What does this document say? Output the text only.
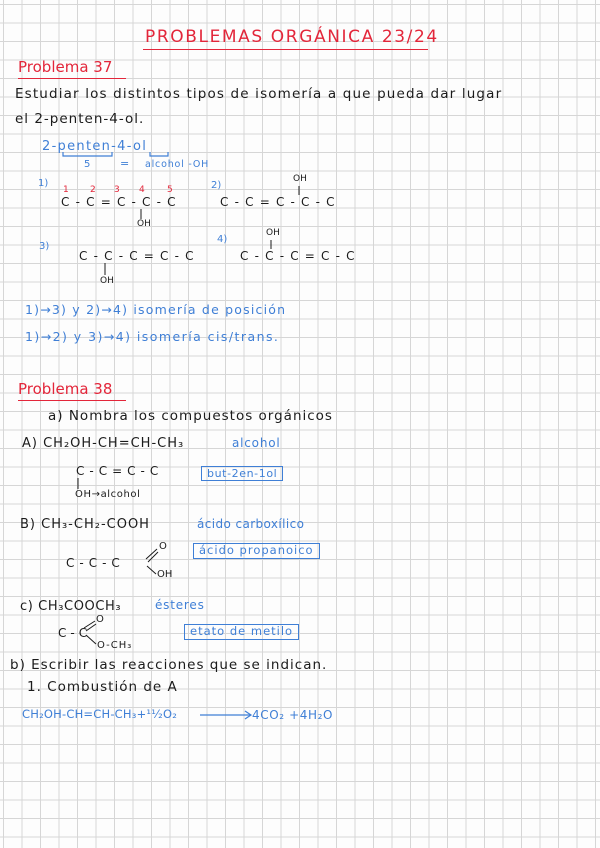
PROBLEMAS ORGÁNICA 23/24
Problema 37
Estudiar los distintos tipos de isomería a que pueda dar lugar
el 2-penten-4-ol.
2-penten-4-ol
5	= alcohol -OH
1)
1 2 3 4 5
C-C=C-C-C
OH
2)
OH
C-C=C-C-C
3)
C-C-C=C-C
OH
4)
OH
C-C-C=C-C
1)→3) y 2)→4) isomería de posición
1)→2) y 3)→4) isomería cis/trans.
Problema 38
a) Nombra los compuestos orgánicos
A) CH₂OH-CH=CH-CH₃	alcohol
C-C=C-C
OH→alcohol
but-2en-1ol
B) CH₃-CH₂-COOH	ácido carboxílico
C-C-C
O
OH
ácido propanoico
c) CH₃COOCH₃	ésteres
C-C
O
O-CH₃
etato de metilo
b) Escribir las reacciones que se indican.
1. Combustión de A
CH₂OH-CH=CH-CH₃+¹¹⁄₂O₂	4CO₂ +4H₂O
